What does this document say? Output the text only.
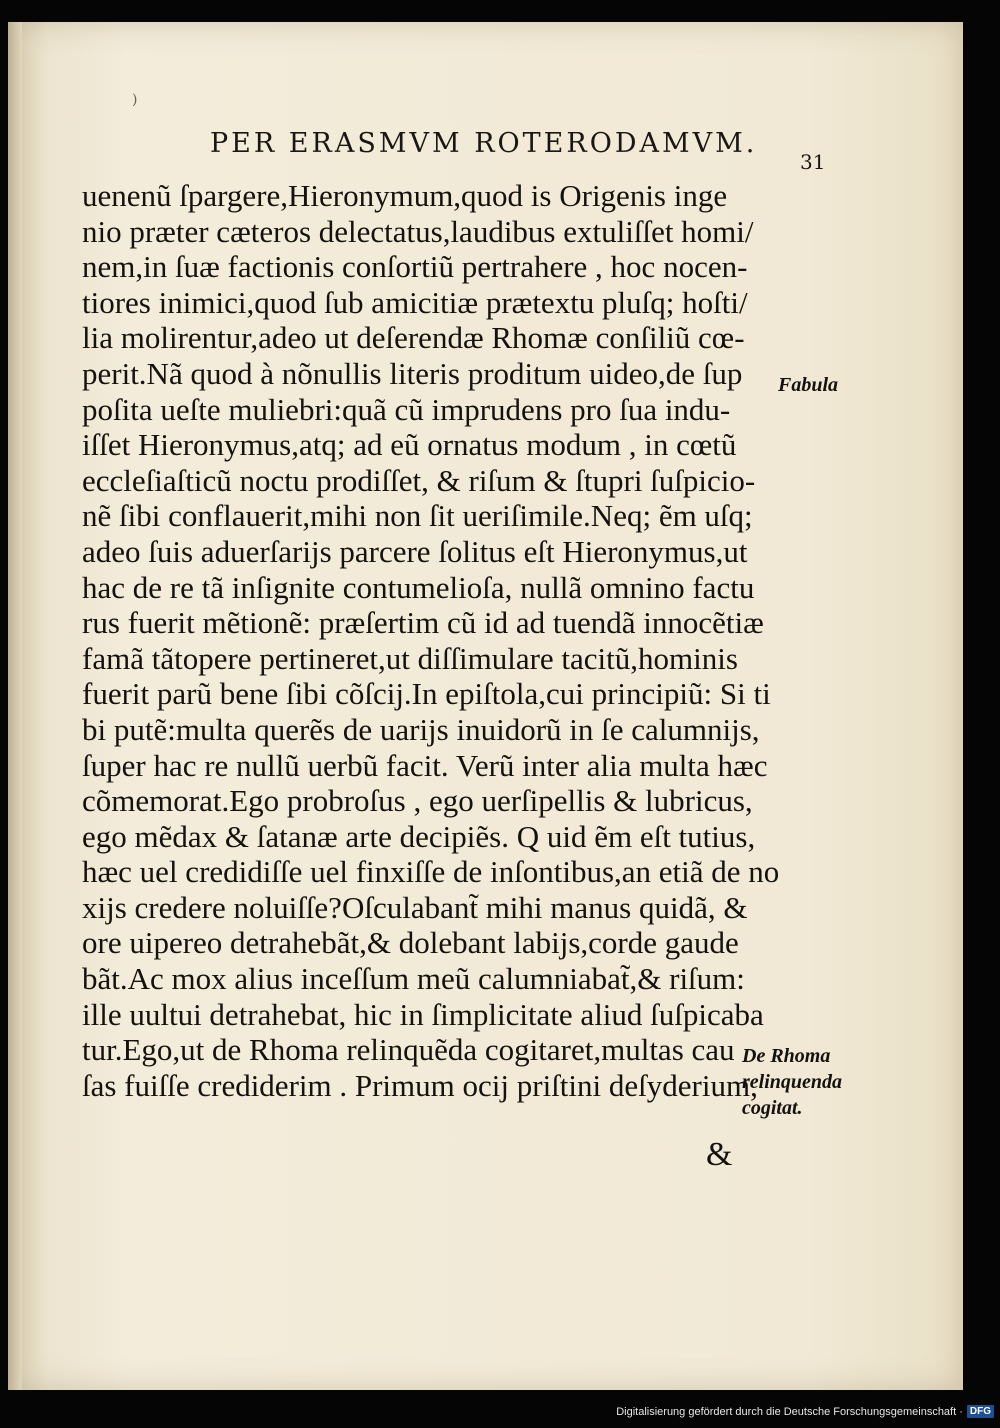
)
PER ERASMVM ROTERODAMVM.
31
uenenũ ſpargere,Hieronymum,quod is Origenis inge
nio præter cæteros delectatus,laudibus extuliſſet homi/
nem,in ſuæ factionis conſortiũ pertrahere , hoc nocen-
tiores inimici,quod ſub amicitiæ prætextu pluſq; hoſti/
lia molirentur,adeo ut deſerendæ Rhomæ conſiliũ cœ-
perit.Nã quod à nõnullis literis proditum uideo,de ſup
poſita ueſte muliebri:quã cũ imprudens pro ſua indu-
iſſet Hieronymus,atq; ad eũ ornatus modum , in cœtũ
eccleſiaſticũ noctu prodiſſet, & riſum & ſtupri ſuſpicio-
nẽ ſibi conflauerit,mihi non ſit ueriſimile.Neq; ẽm uſq;
adeo ſuis aduerſarijs parcere ſolitus eſt Hieronymus,ut
hac de re tã inſignite contumelioſa, nullã omnino factu
rus fuerit mẽtionẽ: præſertim cũ id ad tuendã innocẽtiæ
famã tãtopere pertineret,ut diſſimulare tacitũ,hominis
fuerit parũ bene ſibi cõſcij.In epiſtola,cui principiũ: Si ti
bi putẽ:multa querẽs de uarijs inuidorũ in ſe calumnijs,
ſuper hac re nullũ uerbũ facit. Verũ inter alia multa hæc
cõmemorat.Ego probroſus , ego uerſipellis & lubricus,
ego mẽdax & ſatanæ arte decipiẽs. Q uid ẽm eſt tutius,
hæc uel credidiſſe uel finxiſſe de inſontibus,an etiã de no
xijs credere noluiſſe?Oſculabant̃ mihi manus quidã, &
ore uipereo detrahebãt,& dolebant labijs,corde gaude
bãt.Ac mox alius inceſſum meũ calumniabat̃,& riſum:
ille uultui detrahebat, hic in ſimplicitate aliud ſuſpicaba
tur.Ego,ut de Rhoma relinquẽda cogitaret,multas cau
ſas fuiſſe crediderim . Primum ocij priſtini deſyderium,
Fabula
De Rhoma
relinquenda
cogitat.
&
Digitalisierung gefördert durch die Deutsche Forschungsgemeinschaft · DFG
